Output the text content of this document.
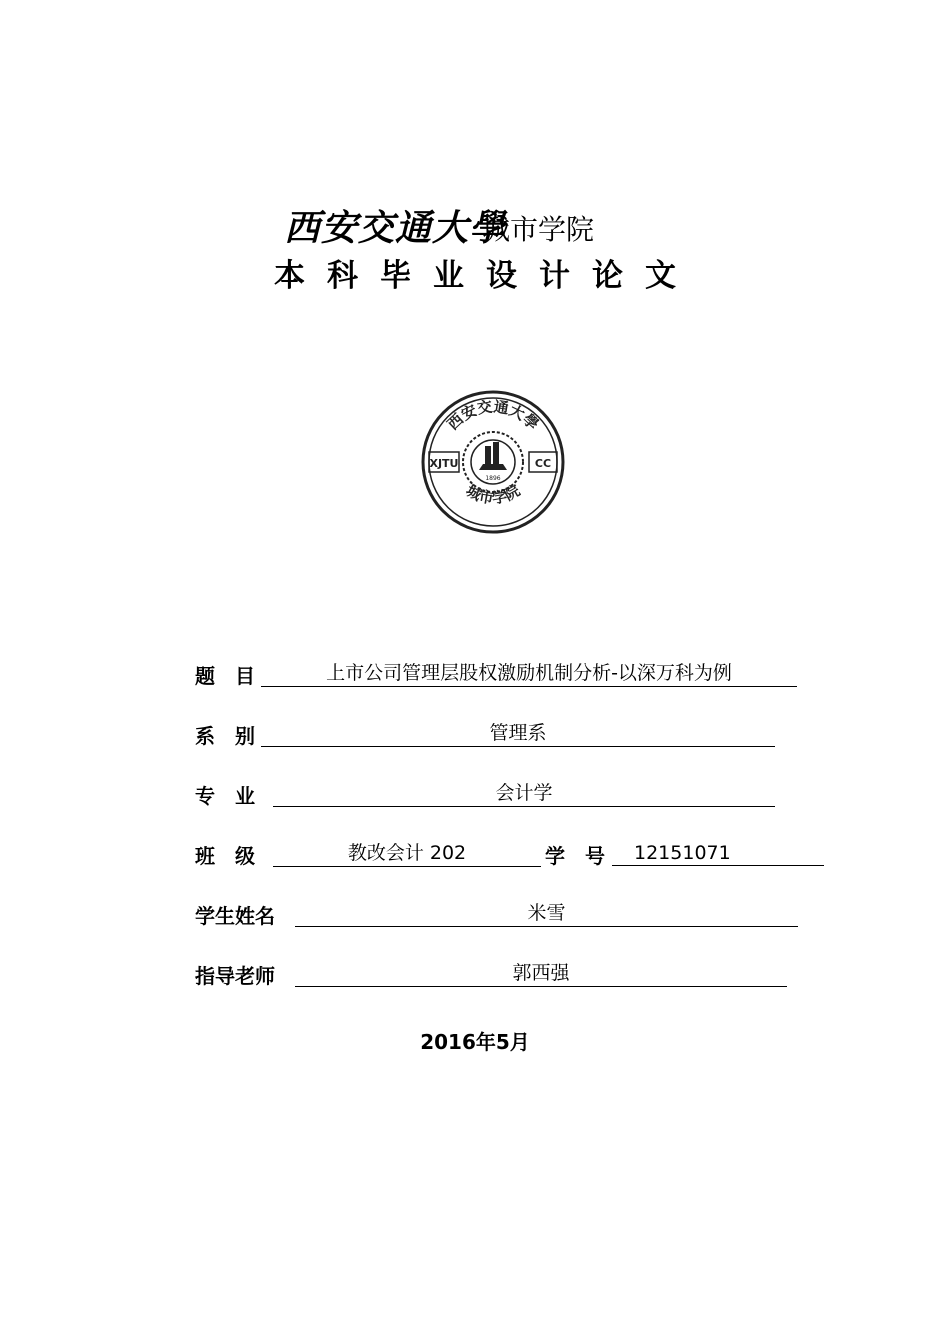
西安交通大學
城市学院
本科毕业设计论文
西安交通大學
城市学院
XJTU	CC
1896
题　目	上市公司管理层股权激励机制分析-以深万科为例
系　别	管理系
专　业	会计学
班　级	教改会计 202	学　号	12151071
学生姓名	米雪
指导老师	郭西强
2016年5月
